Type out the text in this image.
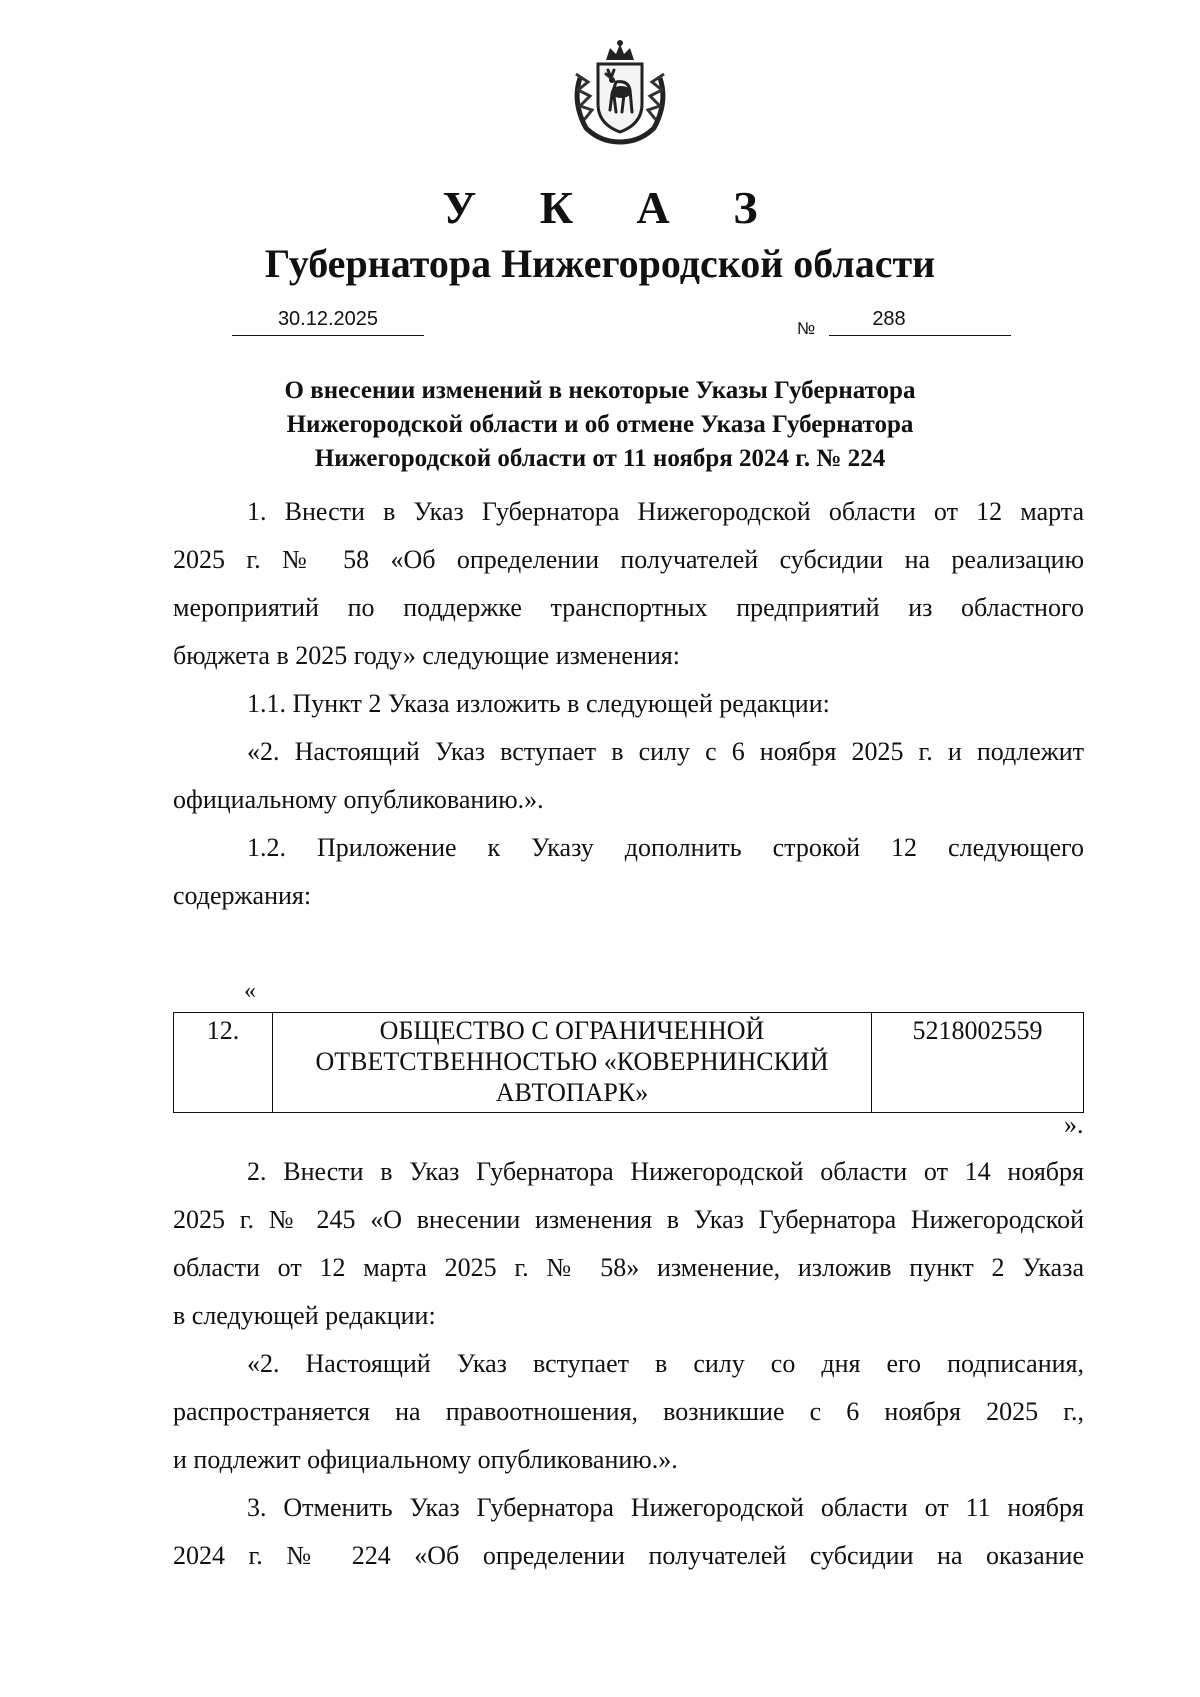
У К А З
Губернатора Нижегородской области
30.12.2025	№	288
О внесении изменений в некоторые Указы Губернатора
Нижегородской области и об отмене Указа Губернатора
Нижегородской области от 11 ноября 2024 г. № 224
1. Внести в Указ Губернатора Нижегородской области от 12 марта
2025 г. № 58 «Об определении получателей субсидии на реализацию
мероприятий по поддержке транспортных предприятий из областного
бюджета в 2025 году» следующие изменения:
1.1. Пункт 2 Указа изложить в следующей редакции:
«2. Настоящий Указ вступает в силу с 6 ноября 2025 г. и подлежит
официальному опубликованию.».
1.2. Приложение к Указу дополнить строкой 12 следующего
содержания:
«
12.	ОБЩЕСТВО С ОГРАНИЧЕННОЙ
ОТВЕТСТВЕННОСТЬЮ «КОВЕРНИНСКИЙ
АВТОПАРК»
	5218002559
».
2. Внести в Указ Губернатора Нижегородской области от 14 ноября
2025 г. № 245 «О внесении изменения в Указ Губернатора Нижегородской
области от 12 марта 2025 г. № 58» изменение, изложив пункт 2 Указа
в следующей редакции:
«2. Настоящий Указ вступает в силу со дня его подписания,
распространяется на правоотношения, возникшие с 6 ноября 2025 г.,
и подлежит официальному опубликованию.».
3. Отменить Указ Губернатора Нижегородской области от 11 ноября
2024 г. № 224 «Об определении получателей субсидии на оказание
